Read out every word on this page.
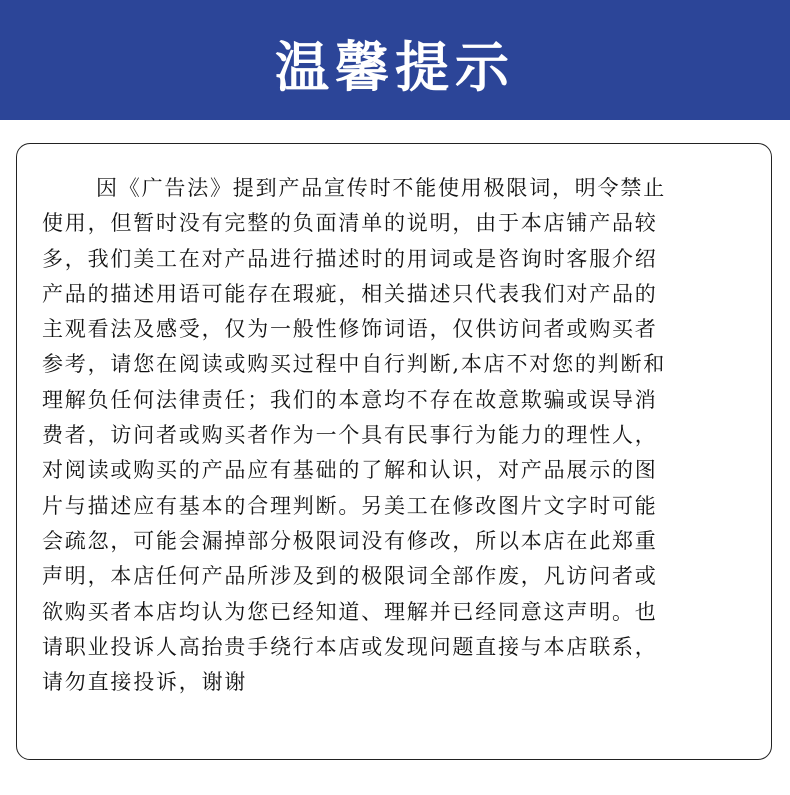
温馨提示
因《广告法》提到产品宣传时不能使用极限词，明令禁止
使用，但暂时没有完整的负面清单的说明，由于本店铺产品较
多，我们美工在对产品进行描述时的用词或是咨询时客服介绍
产品的描述用语可能存在瑕疵，相关描述只代表我们对产品的
主观看法及感受，仅为一般性修饰词语，仅供访问者或购买者
参考，请您在阅读或购买过程中自行判断,本店不对您的判断和
理解负任何法律责任；我们的本意均不存在故意欺骗或误导消
费者，访问者或购买者作为一个具有民事行为能力的理性人，
对阅读或购买的产品应有基础的了解和认识，对产品展示的图
片与描述应有基本的合理判断。另美工在修改图片文字时可能
会疏忽，可能会漏掉部分极限词没有修改，所以本店在此郑重
声明，本店任何产品所涉及到的极限词全部作废，凡访问者或
欲购买者本店均认为您已经知道、理解并已经同意这声明。也
请职业投诉人高抬贵手绕行本店或发现问题直接与本店联系，
请勿直接投诉，谢谢
